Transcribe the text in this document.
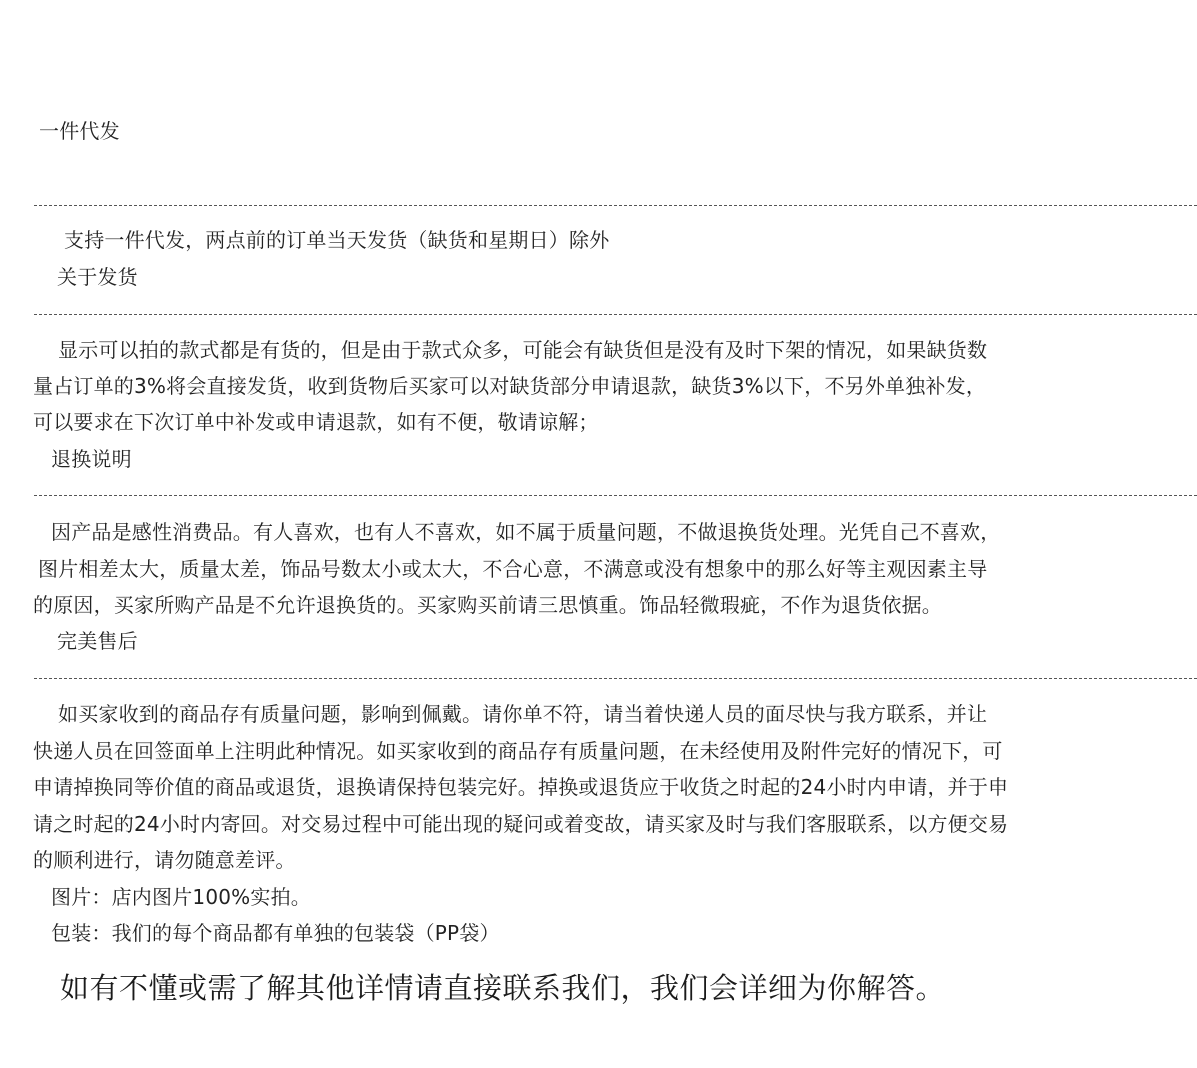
一件代发
支持一件代发，两点前的订单当天发货（缺货和星期日）除外
关于发货
显示可以拍的款式都是有货的，但是由于款式众多，可能会有缺货但是没有及时下架的情况，如果缺货数
量占订单的3%将会直接发货，收到货物后买家可以对缺货部分申请退款，缺货3%以下，不另外单独补发，
可以要求在下次订单中补发或申请退款，如有不便，敬请谅解；
退换说明
因产品是感性消费品。有人喜欢，也有人不喜欢，如不属于质量问题，不做退换货处理。光凭自己不喜欢，
图片相差太大，质量太差，饰品号数太小或太大，不合心意，不满意或没有想象中的那么好等主观因素主导
的原因，买家所购产品是不允许退换货的。买家购买前请三思慎重。饰品轻微瑕疵，不作为退货依据。
完美售后
如买家收到的商品存有质量问题，影响到佩戴。请你单不符，请当着快递人员的面尽快与我方联系，并让
快递人员在回签面单上注明此种情况。如买家收到的商品存有质量问题，在未经使用及附件完好的情况下，可
申请掉换同等价值的商品或退货，退换请保持包装完好。掉换或退货应于收货之时起的24小时内申请，并于申
请之时起的24小时内寄回。对交易过程中可能出现的疑问或着变故，请买家及时与我们客服联系，以方便交易
的顺利进行，请勿随意差评。
图片：店内图片100%实拍。
包装：我们的每个商品都有单独的包装袋（PP袋）
如有不懂或需了解其他详情请直接联系我们，我们会详细为你解答。
